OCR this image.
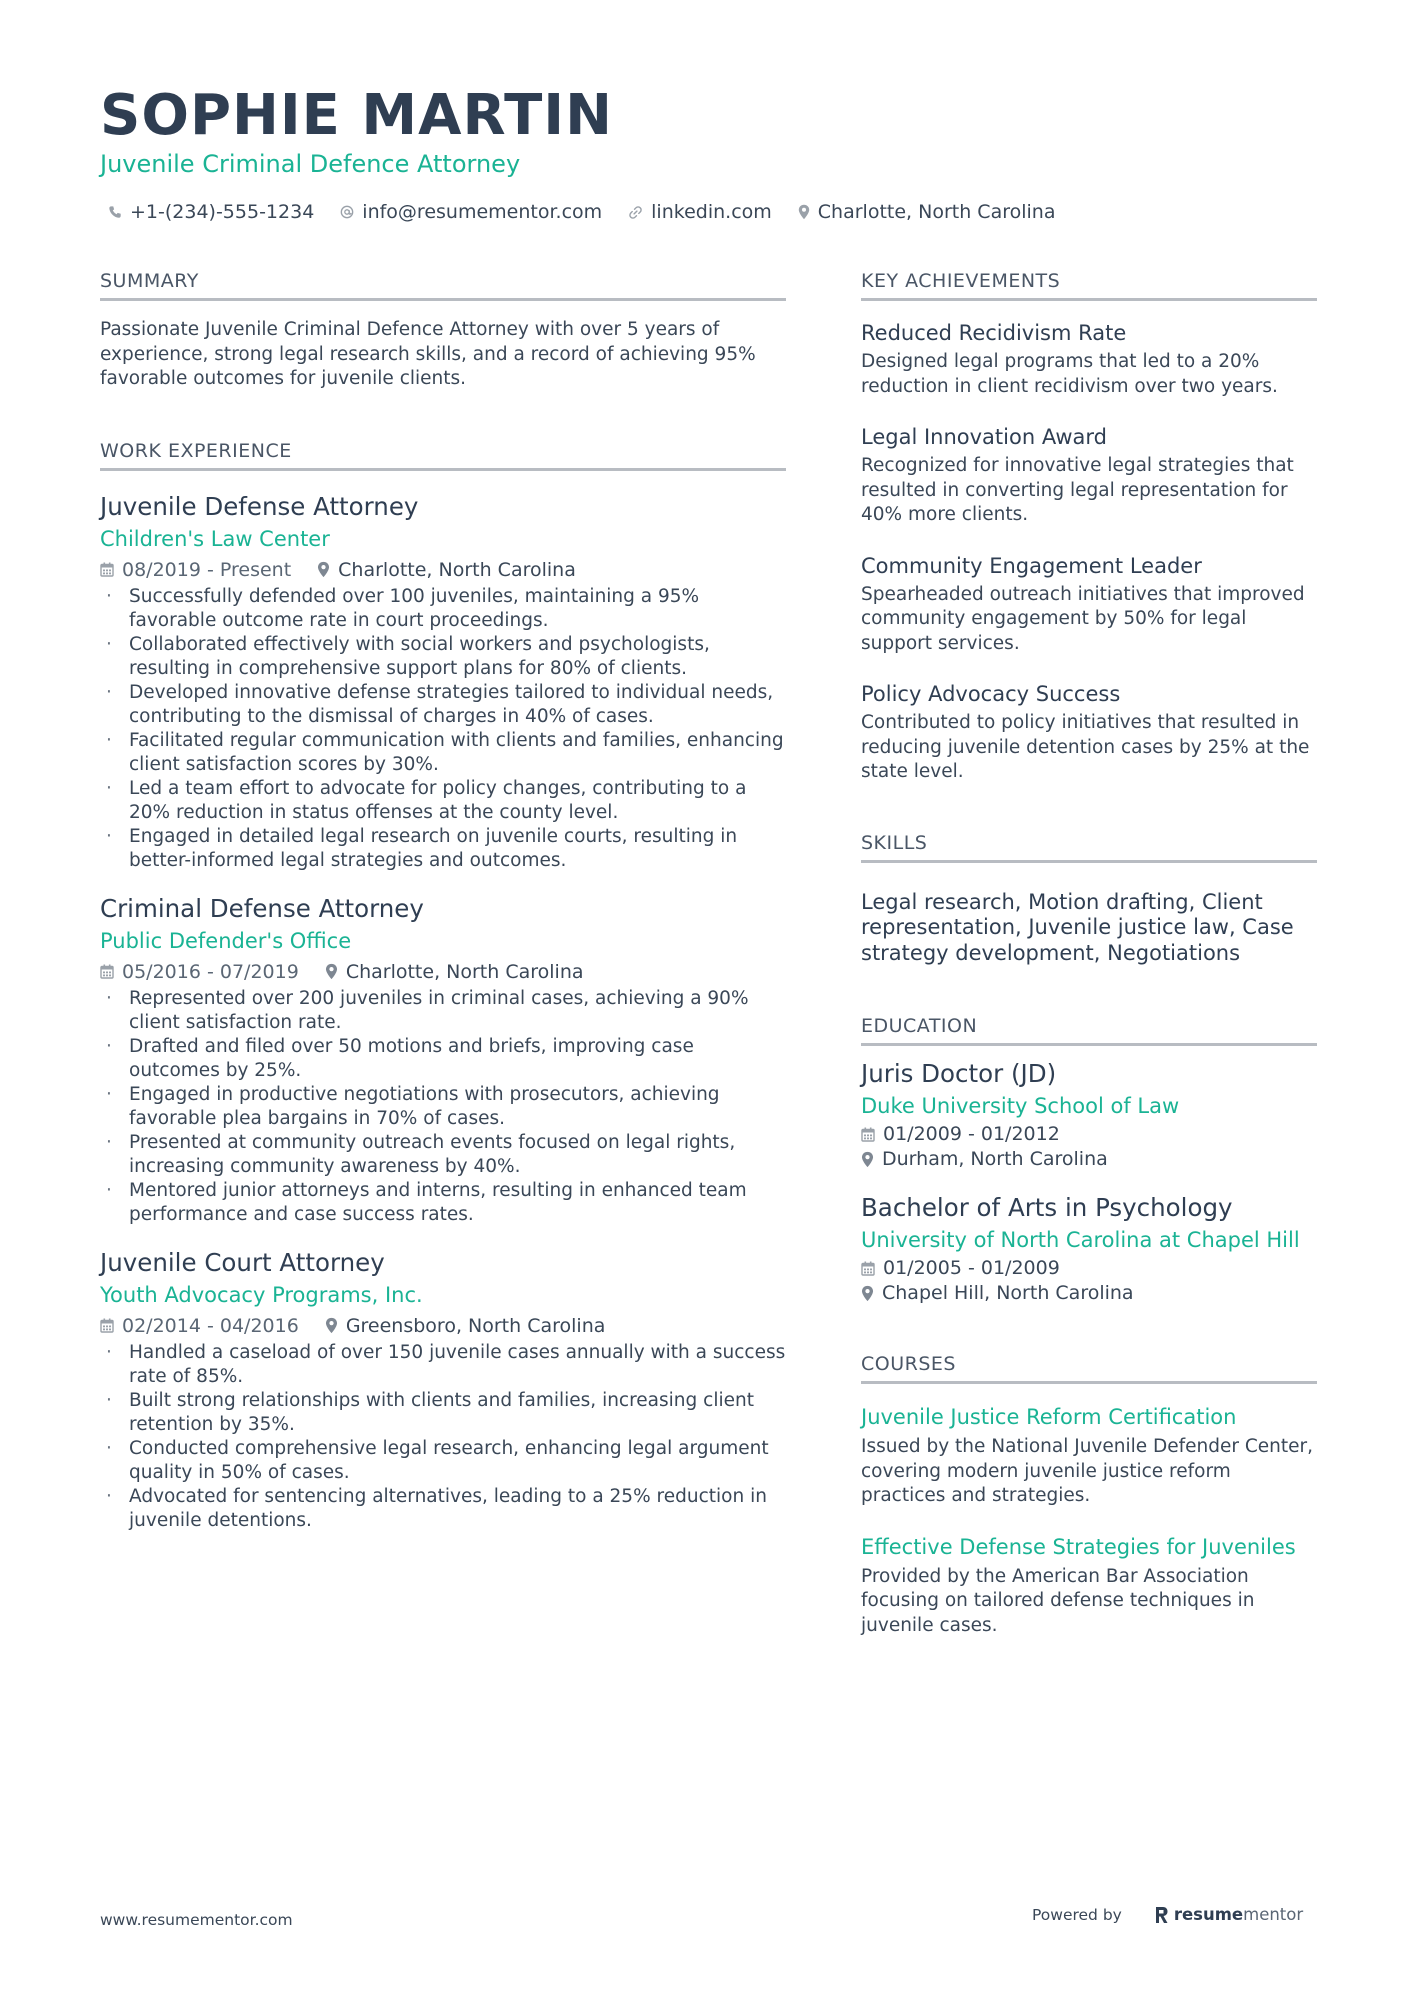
SOPHIE MARTIN
Juvenile Criminal Defence Attorney
+1-(234)-555-1234	info@resumementor.com	linkedin.com Charlotte, North Carolina
SUMMARY
Passionate Juvenile Criminal Defence Attorney with over 5 years of experience, strong legal research skills, and a record of achieving 95% favorable outcomes for juvenile clients.
WORK EXPERIENCE
Juvenile Defense Attorney
Children's Law Center
08/2019 - Present Charlotte, North Carolina
· Successfully defended over 100 juveniles, maintaining a 95% favorable outcome rate in court proceedings.
· Collaborated effectively with social workers and psychologists, resulting in comprehensive support plans for 80% of clients.
· Developed innovative defense strategies tailored to individual needs, contributing to the dismissal of charges in 40% of cases.
· Facilitated regular communication with clients and families, enhancing client satisfaction scores by 30%.
· Led a team effort to advocate for policy changes, contributing to a 20% reduction in status offenses at the county level.
· Engaged in detailed legal research on juvenile courts, resulting in better-informed legal strategies and outcomes.
Criminal Defense Attorney
Public Defender's Office
05/2016 - 07/2019 Charlotte, North Carolina
· Represented over 200 juveniles in criminal cases, achieving a 90% client satisfaction rate.
· Drafted and filed over 50 motions and briefs, improving case outcomes by 25%.
· Engaged in productive negotiations with prosecutors, achieving favorable plea bargains in 70% of cases.
· Presented at community outreach events focused on legal rights, increasing community awareness by 40%.
· Mentored junior attorneys and interns, resulting in enhanced team performance and case success rates.
Juvenile Court Attorney
Youth Advocacy Programs, Inc.
02/2014 - 04/2016 Greensboro, North Carolina
· Handled a caseload of over 150 juvenile cases annually with a success rate of 85%.
· Built strong relationships with clients and families, increasing client retention by 35%.
· Conducted comprehensive legal research, enhancing legal argument quality in 50% of cases.
· Advocated for sentencing alternatives, leading to a 25% reduction in juvenile detentions.
KEY ACHIEVEMENTS
Reduced Recidivism Rate
Designed legal programs that led to a 20% reduction in client recidivism over two years.
Legal Innovation Award
Recognized for innovative legal strategies that resulted in converting legal representation for 40% more clients.
Community Engagement Leader
Spearheaded outreach initiatives that improved community engagement by 50% for legal support services.
Policy Advocacy Success
Contributed to policy initiatives that resulted in reducing juvenile detention cases by 25% at the state level.
SKILLS
Legal research, Motion drafting, Client representation, Juvenile justice law, Case strategy development, Negotiations
EDUCATION
Juris Doctor (JD)
Duke University School of Law
01/2009 - 01/2012
Durham, North Carolina
Bachelor of Arts in Psychology
University of North Carolina at Chapel Hill
01/2005 - 01/2009
Chapel Hill, North Carolina
COURSES
Juvenile Justice Reform Certification
Issued by the National Juvenile Defender Center, covering modern juvenile justice reform practices and strategies.
Effective Defense Strategies for Juveniles
Provided by the American Bar Association focusing on tailored defense techniques in juvenile cases.
www.resumementor.com	Powered by	resume mentor
